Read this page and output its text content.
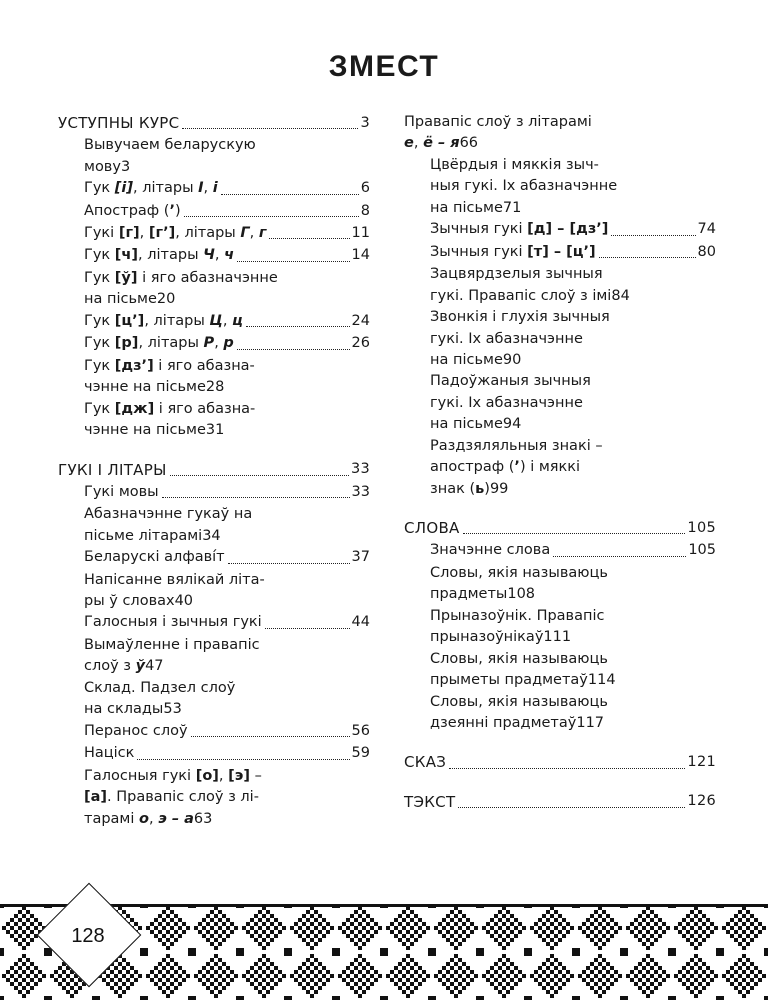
ЗМЕСТ
УСТУПНЫ КУРС	3
Вывучаем беларускую
мову 3
Гук [і], літары І, і	6
Апостраф (’)	8
Гукі [г], [г’], літары Г, г	11
Гук [ч], літары Ч, ч	14
Гук [ў] і яго абазначэнне
на пісьме 20
Гук [ц’], літары Ц, ц	24
Гук [р], літары Р, р	26
Гук [дз’] і яго абазна-
чэнне на пісьме 28
Гук [дж] і яго абазна-
чэнне на пісьме 31
ГУКІ І ЛІТАРЫ	33
Гукі мовы	33
Абазначэнне гукаў на
пісьме літарамі 34
Беларускі алфаві́т	37
Напісанне вялікай літа-
ры ў словах 40
Галосныя і зычныя гукі	44
Вымаўленне і правапіс
слоў з ў 47
Склад. Падзел слоў
на склады 53
Перанос слоў	56
Націск	59
Галосныя гукі [о], [э] –
[а]. Правапіс слоў з лі-
тарамі о, э – а 63
Правапіс слоў з літарамі
е, ё – я 66
Цвёрдыя і мяккія зыч-
ныя гукі. Іх абазначэнне
на пісьме 71
Зычныя гукі [д] – [дз’]	74
Зычныя гукі [т] – [ц’]	80
Зацвярдзелыя зычныя
гукі. Правапіс слоў з імі 84
Звонкія і глухія зычныя
гукі. Іх абазначэнне
на пісьме 90
Падоўжаныя зычныя
гукі. Іх абазначэнне
на пісьме 94
Раздзяляльныя знакі –
апостраф (’) і мяккі
знак (ь) 99
СЛОВА	105
Значэнне слова	105
Словы, якія называюць
прадметы 108
Прыназоўнік. Правапіс
прыназоўнікаў 111
Словы, якія называюць
прыметы прадметаў 114
Словы, якія называюць
дзеянні прадметаў 117
СКАЗ	121
ТЭКСТ	126
128
